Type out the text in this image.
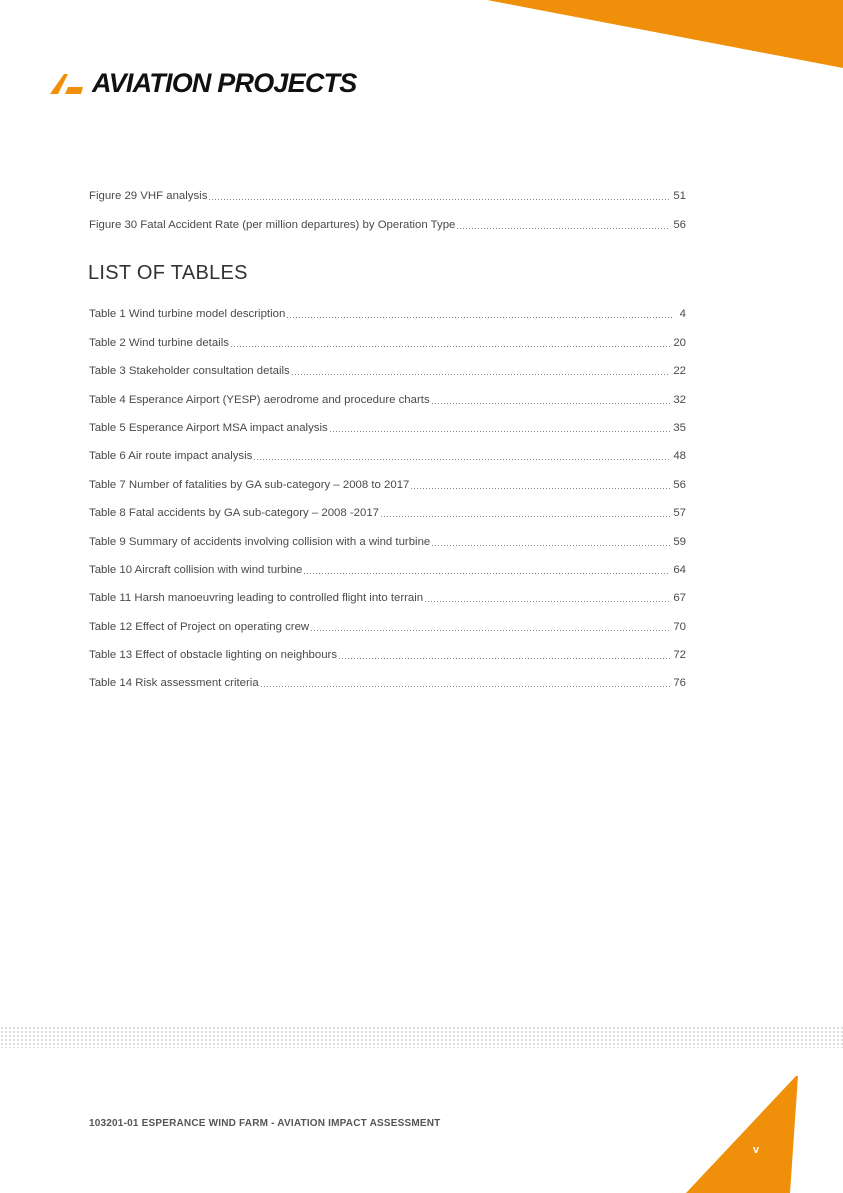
AVIATION PROJECTS
Figure 29 VHF analysis	51
Figure 30 Fatal Accident Rate (per million departures) by Operation Type	56
LIST OF TABLES
Table 1 Wind turbine model description	4
Table 2 Wind turbine details	20
Table 3 Stakeholder consultation details	22
Table 4 Esperance Airport (YESP) aerodrome and procedure charts	32
Table 5 Esperance Airport MSA impact analysis	35
Table 6 Air route impact analysis	48
Table 7 Number of fatalities by GA sub-category – 2008 to 2017	56
Table 8 Fatal accidents by GA sub-category – 2008 -2017	57
Table 9 Summary of accidents involving collision with a wind turbine	59
Table 10 Aircraft collision with wind turbine	64
Table 11 Harsh manoeuvring leading to controlled flight into terrain	67
Table 12 Effect of Project on operating crew	70
Table 13 Effect of obstacle lighting on neighbours	72
Table 14 Risk assessment criteria	76
103201-01 ESPERANCE WIND FARM - AVIATION IMPACT ASSESSMENT
v
